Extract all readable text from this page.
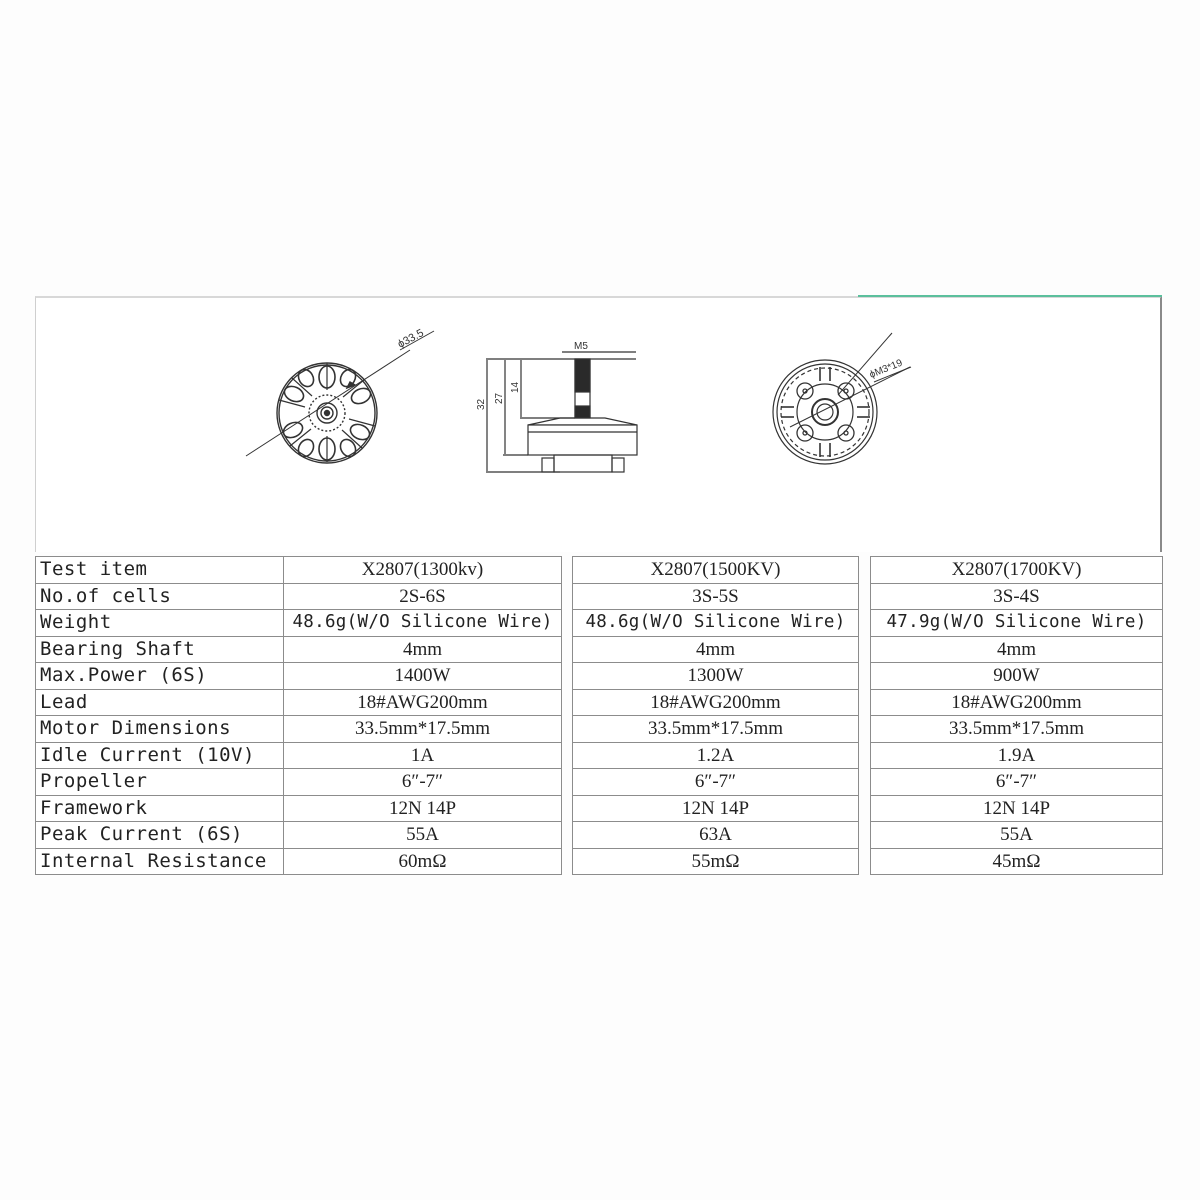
ϕ33.5	M5
32
27
14
ϕM3*19
Test item	X2807(1300kv)		X2807(1500KV)		X2807(1700KV)
No.of cells	2S-6S		3S-5S		3S-4S
Weight	48.6g(W/O Silicone Wire)		48.6g(W/O Silicone Wire)		47.9g(W/O Silicone Wire)
Bearing Shaft	4mm		4mm		4mm
Max.Power (6S)	1400W		1300W		900W
Lead	18#AWG200mm		18#AWG200mm		18#AWG200mm
Motor Dimensions	33.5mm*17.5mm		33.5mm*17.5mm		33.5mm*17.5mm
Idle Current (10V)	1A		1.2A		1.9A
Propeller	6″-7″		6″-7″		6″-7″
Framework	12N 14P		12N 14P		12N 14P
Peak Current (6S)	55A		63A		55A
Internal Resistance	60mΩ		55mΩ		45mΩ
